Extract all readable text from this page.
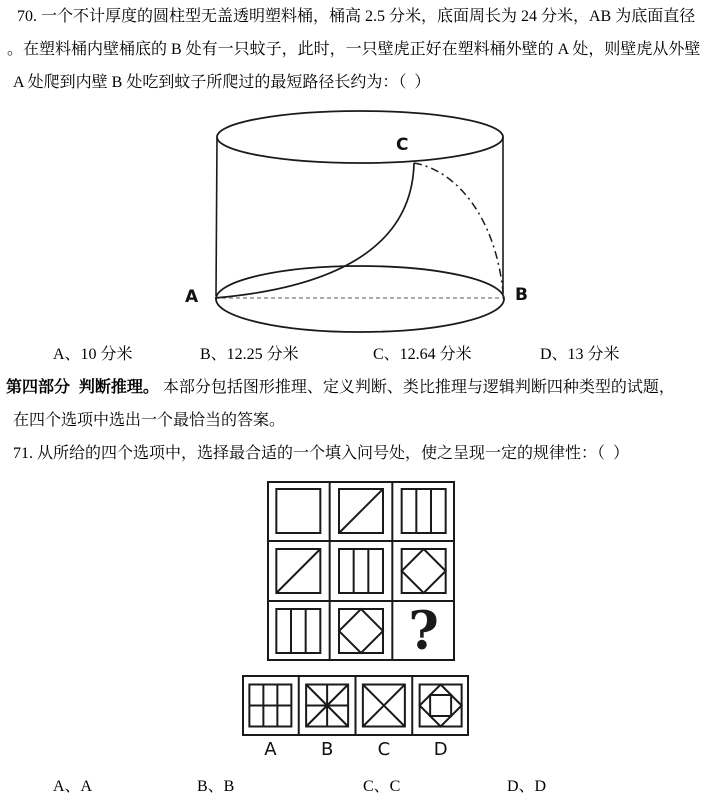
70. 一个不计厚度的圆柱型无盖透明塑料桶，桶高 2.5 分米，底面周长为 24 分米，AB 为底面直径
。在塑料桶内壁桶底的 B 处有一只蚊子，此时，一只壁虎正好在塑料桶外壁的 A 处，则壁虎从外壁
A 处爬到内壁 B 处吃到蚊子所爬过的最短路径长约为：（  ）
A	B
C
A、10 分米	B、12.25 分米	C、12.64 分米	D、13 分米
第四部分  判断推理。 本部分包括图形推理、定义判断、类比推理与逻辑判断四种类型的试题，
在四个选项中选出一个最恰当的答案。
71. 从所给的四个选项中，选择最合适的一个填入问号处，使之呈现一定的规律性：（  ）
?
A	B	C	D
A、A	B、B	C、C	D、D
